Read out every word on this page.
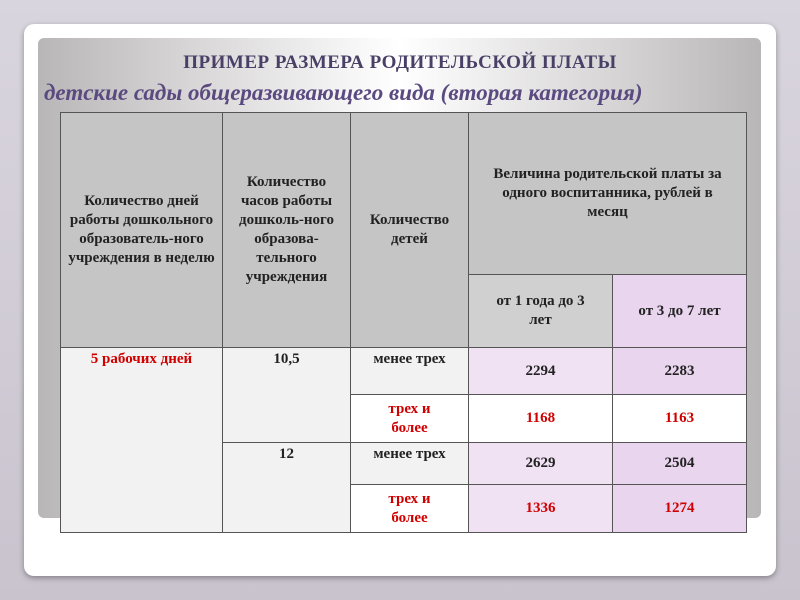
ПРИМЕР РАЗМЕРА РОДИТЕЛЬСКОЙ ПЛАТЫ
детские сады общеразвивающего вида (вторая категория)
Количество дней работы дошкольного образователь-ного учреждения в неделю	Количество часов работы дошколь-ного образова-тельного учреждения	Количество детей	Величина родительской платы за одного воспитанника, рублей в месяц	
			от 1 года до 3 лет	от 3 до 7 лет
5 рабочих дней	10,5	менее трех	2294	2283
		трех и более	1168	1163
	12	менее трех	2629	2504
		трех и более	1336	1274
